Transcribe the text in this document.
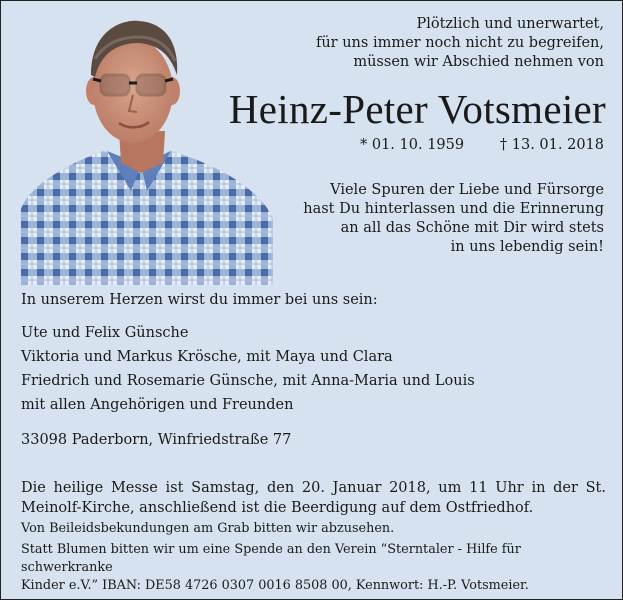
Plötzlich und unerwartet,
für uns immer noch nicht zu begreifen,
müssen wir Abschied nehmen von
Heinz-Peter Votsmeier
* 01. 10. 1959 † 13. 01. 2018
Viele Spuren der Liebe und Fürsorge
hast Du hinterlassen und die Erinnerung
an all das Schöne mit Dir wird stets
in uns lebendig sein!

In unserem Herzen wirst du immer bei uns sein:

Ute und Felix Günsche

Viktoria und Markus Krösche, mit Maya und Clara

Friedrich und Rosemarie Günsche, mit Anna-Maria und Louis

mit allen Angehörigen und Freunden

33098 Paderborn, Winfriedstraße 77

Die heilige Messe ist Samstag, den 20. Januar 2018, um 11 Uhr in der St. Meinolf-Kirche, anschließend ist die Beerdigung auf dem Ostfriedhof.

Von Beileidsbekundungen am Grab bitten wir abzusehen.

Statt Blumen bitten wir um eine Spende an den Verein “Sterntaler - Hilfe für schwerkranke
Kinder e.V.” IBAN: DE58 4726 0307 0016 8508 00, Kennwort: H.-P. Votsmeier.
